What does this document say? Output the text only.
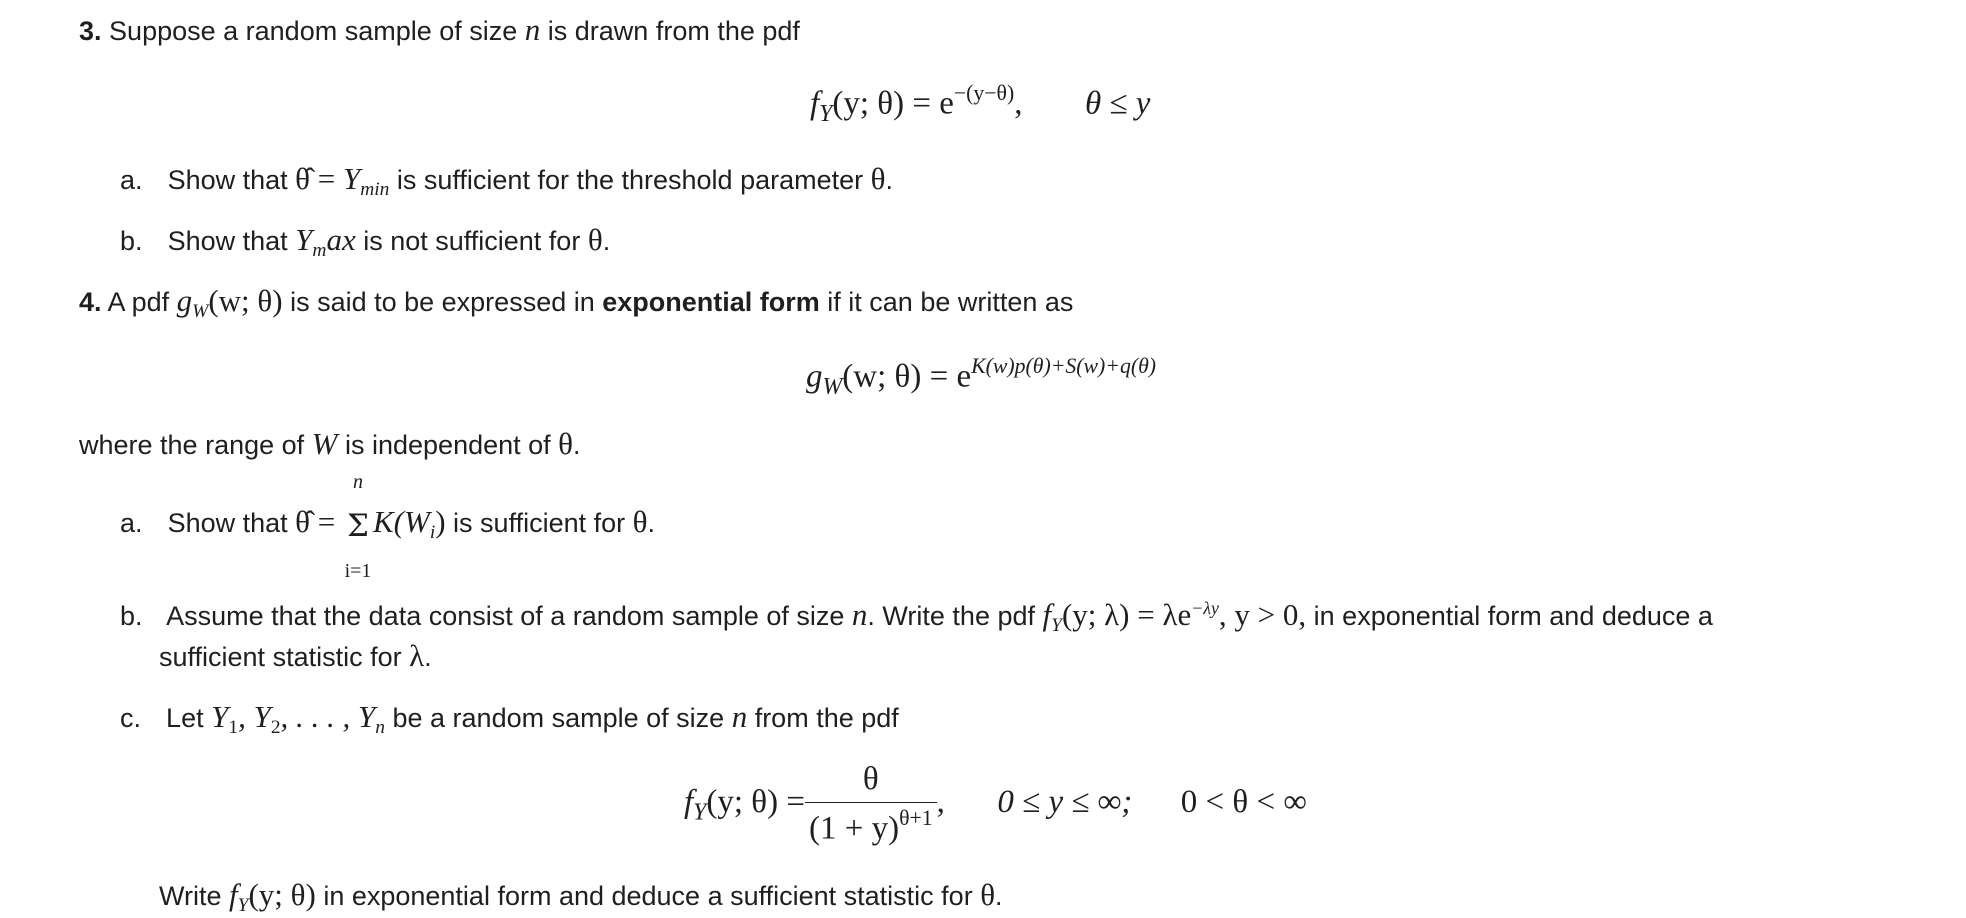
3. Suppose a random sample of size n is drawn from the pdf
$f_Y(y$; $\theta) = e^{-(y-\theta)}$, θ ≤ y
a. Show that θ̂ = $Y_{min}$ is sufficient for the threshold parameter θ.
b. Show that $Y_max$ is not sufficient for θ.
4. A pdf $g_W(w$; θ) is said to be expressed in exponential form if it can be written as
$g_W(w$; $\theta) = e^{K(w)p(\theta)+S(w)+q(\theta)}$
where the range of W is independent of θ.
a. Show that θ̂ =
n
Σ
i=1
$K(W_i)$ is sufficient for θ.
b. Assume that the data consist of a random sample of size n. Write the pdf $f_Y(y$; $\lambda) = \lambda e^{-\lambda y}$, y > 0, in exponential form and deduce a
sufficient statistic for λ.
c. Let $Y_1$, $Y_2$, . . . , $Y_n$ be a random sample of size n from the pdf
$f_Y(y$; $\theta) = \frac{\theta}{(1 + y)^{\theta+1}}$ , 0 ≤ y ≤ ∞; 0 < θ < ∞
Write $f_Y(y$; θ) in exponential form and deduce a sufficient statistic for θ.
